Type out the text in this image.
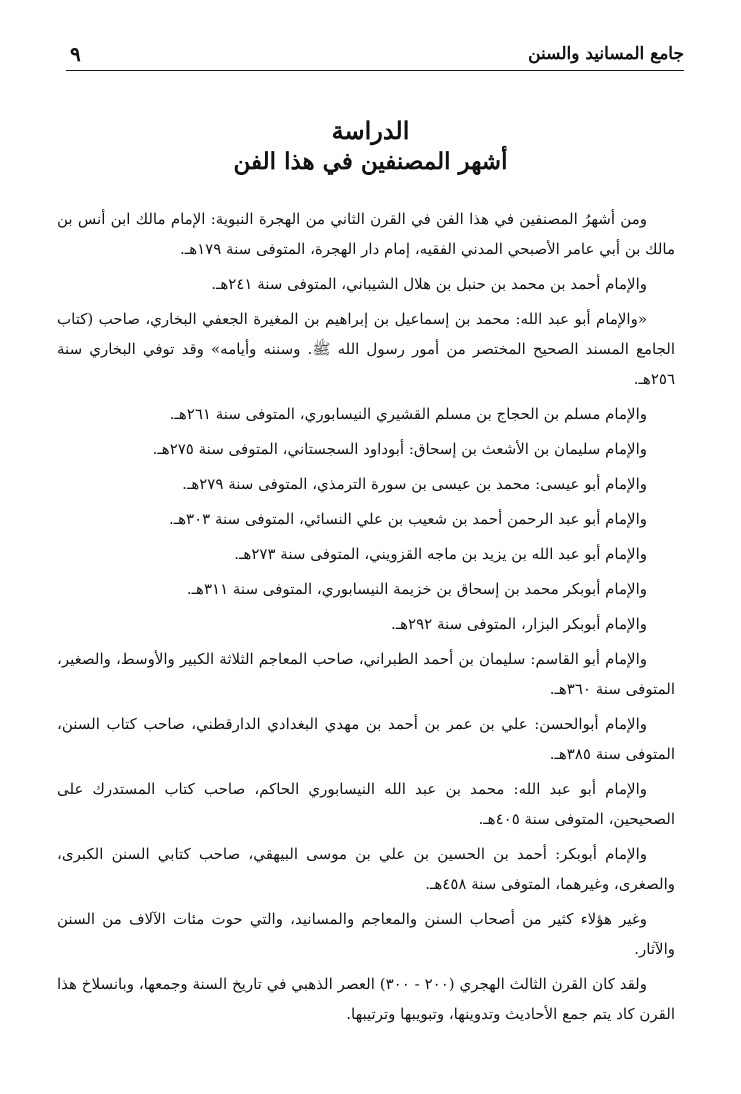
جامع المسانيد والسنن
٩
الدراسة
أشهر المصنفين في هذا الفن

ومن أشهرُ المصنفين في هذا الفن في القرن الثاني من الهجرة النبوية: الإمام مالك ابن أنس بن مالك بن أبي عامر الأصبحي المدني الفقيه، إمام دار الهجرة، المتوفى سنة ١٧٩هـ.

والإمام أحمد بن محمد بن حنبل بن هلال الشيباني، المتوفى سنة ٢٤١هـ.

«والإمام أبو عبد الله: محمد بن إسماعيل بن إبراهيم بن المغيرة الجعفي البخاري، صاحب (كتاب الجامع المسند الصحيح المختصر من أمور رسول الله ﷺ. وسننه وأيامه» وقد توفي البخاري سنة ٢٥٦هـ.

والإمام مسلم بن الحجاج بن مسلم القشيري النيسابوري، المتوفى سنة ٢٦١هـ.

والإمام سليمان بن الأشعث بن إسحاق: أبوداود السجستاني، المتوفى سنة ٢٧٥هـ.

والإمام أبو عيسى: محمد بن عيسى بن سورة الترمذي، المتوفى سنة ٢٧٩هـ.

والإمام أبو عبد الرحمن أحمد بن شعيب بن علي النسائي، المتوفى سنة ٣٠٣هـ.

والإمام أبو عبد الله بن يزيد بن ماجه القزويني، المتوفى سنة ٢٧٣هـ.

والإمام أبوبكر محمد بن إسحاق بن خزيمة النيسابوري، المتوفى سنة ٣١١هـ.

والإمام أبوبكر البزار، المتوفى سنة ٢٩٢هـ.

والإمام أبو القاسم: سليمان بن أحمد الطبراني، صاحب المعاجم الثلاثة الكبير والأوسط، والصغير، المتوفى سنة ٣٦٠هـ.

والإمام أبوالحسن: علي بن عمر بن أحمد بن مهدي البغدادي الدارقطني، صاحب كتاب السنن، المتوفى سنة ٣٨٥هـ.

والإمام أبو عبد الله: محمد بن عبد الله النيسابوري الحاكم، صاحب كتاب المستدرك على الصحيحين، المتوفى سنة ٤٠٥هـ.

والإمام أبوبكر: أحمد بن الحسين بن علي بن موسى البيهقي، صاحب كتابي السنن الكبرى، والصغرى، وغيرهما، المتوفى سنة ٤٥٨هـ.

وغير هؤلاء كثير من أصحاب السنن والمعاجم والمسانيد، والتي حوت مئات الآلاف من السنن والآثار.

ولقد كان القرن الثالث الهجري (٢٠٠ - ٣٠٠) العصر الذهبي في تاريخ السنة وجمعها، وبانسلاخ هذا القرن كاد يتم جمع الأحاديث وتدوينها، وتبويبها وترتيبها.
